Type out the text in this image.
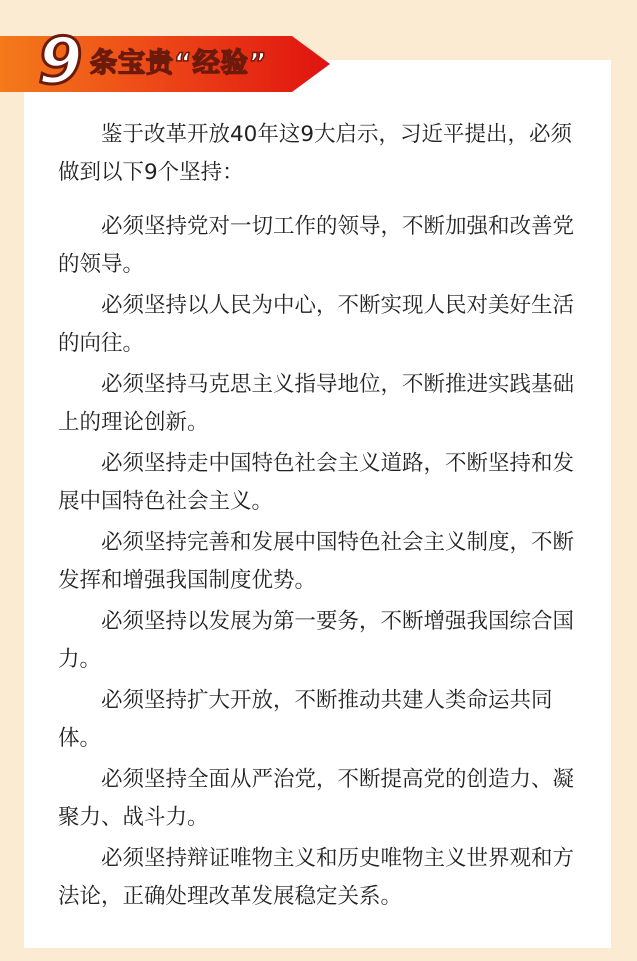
9 条宝贵“经验”

鉴于改革开放40年这9大启示，习近平提出，必须做到以下9个坚持：

必须坚持党对一切工作的领导，不断加强和改善党的领导。

必须坚持以人民为中心，不断实现人民对美好生活的向往。

必须坚持马克思主义指导地位，不断推进实践基础上的理论创新。

必须坚持走中国特色社会主义道路，不断坚持和发展中国特色社会主义。

必须坚持完善和发展中国特色社会主义制度，不断发挥和增强我国制度优势。

必须坚持以发展为第一要务，不断增强我国综合国力。

必须坚持扩大开放，不断推动共建人类命运共同体。

必须坚持全面从严治党，不断提高党的创造力、凝聚力、战斗力。

必须坚持辩证唯物主义和历史唯物主义世界观和方法论，正确处理改革发展稳定关系。
